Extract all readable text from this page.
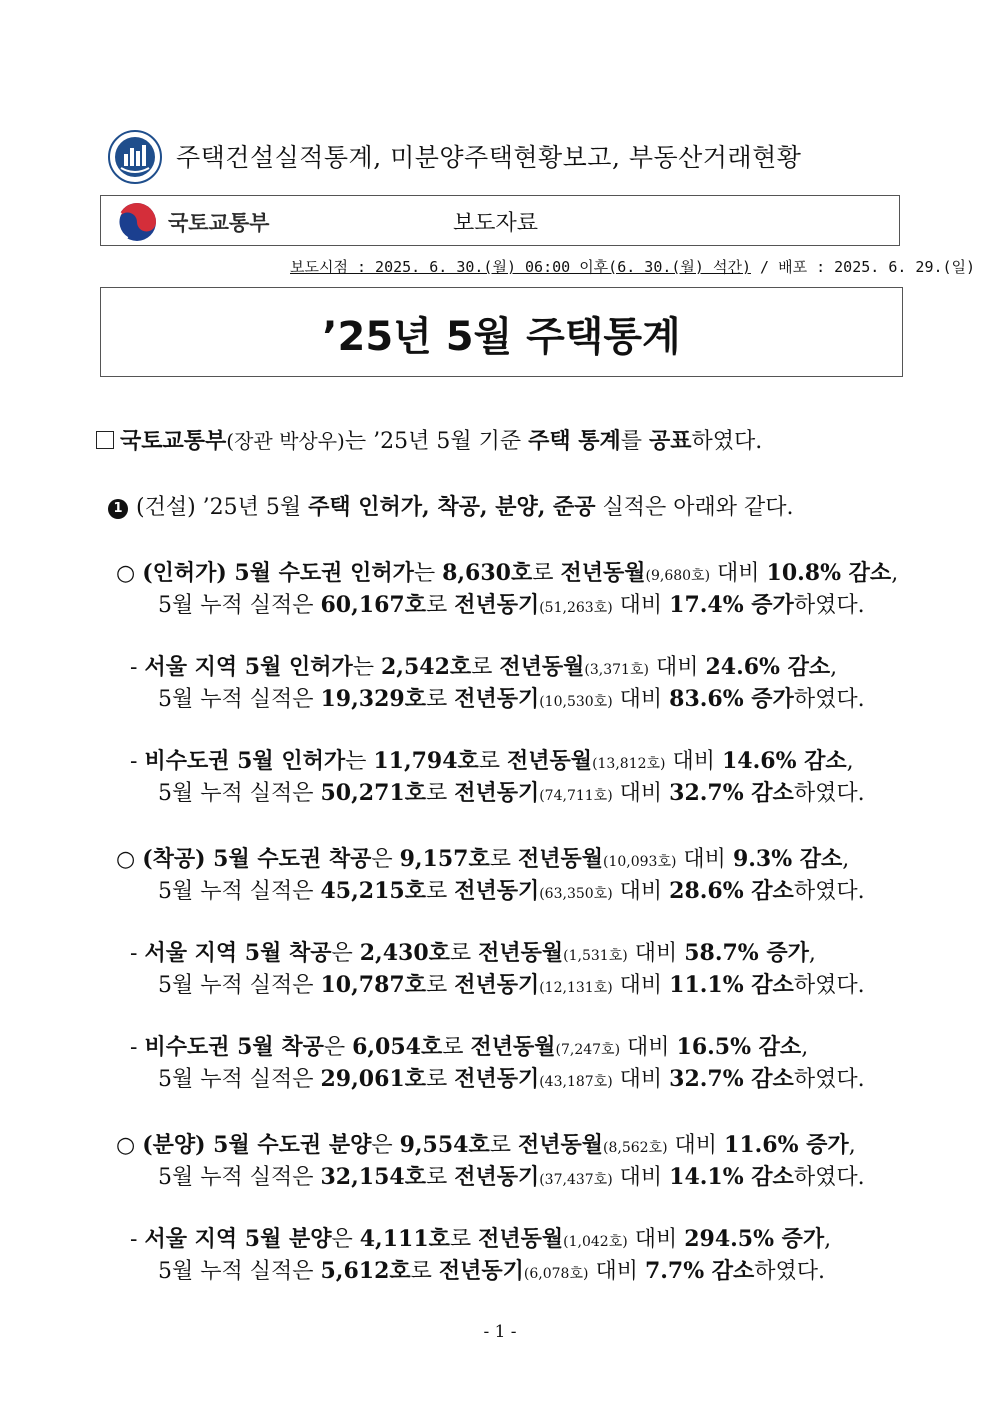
주택건설실적통계, 미분양주택현황보고, 부동산거래현황
국토교통부	보도자료
보도시점 : 2025. 6. 30.(월) 06:00 이후(6. 30.(월) 석간) / 배포 : 2025. 6. 29.(일)
’25년 5월 주택통계
국토교통부(장관 박상우)는 ’25년 5월 기준 주택 통계를 공표하였다.
1 (건설) ’25년 5월 주택 인허가, 착공, 분양, 준공 실적은 아래와 같다.
○ (인허가) 5월 수도권 인허가는 8,630호로 전년동월(9,680호) 대비 10.8% 감소,
5월 누적 실적은 60,167호로 전년동기(51,263호) 대비 17.4% 증가하였다.
- 서울 지역 5월 인허가는 2,542호로 전년동월(3,371호) 대비 24.6% 감소,
5월 누적 실적은 19,329호로 전년동기(10,530호) 대비 83.6% 증가하였다.
- 비수도권 5월 인허가는 11,794호로 전년동월(13,812호) 대비 14.6% 감소,
5월 누적 실적은 50,271호로 전년동기(74,711호) 대비 32.7% 감소하였다.
○ (착공) 5월 수도권 착공은 9,157호로 전년동월(10,093호) 대비 9.3% 감소,
5월 누적 실적은 45,215호로 전년동기(63,350호) 대비 28.6% 감소하였다.
- 서울 지역 5월 착공은 2,430호로 전년동월(1,531호) 대비 58.7% 증가,
5월 누적 실적은 10,787호로 전년동기(12,131호) 대비 11.1% 감소하였다.
- 비수도권 5월 착공은 6,054호로 전년동월(7,247호) 대비 16.5% 감소,
5월 누적 실적은 29,061호로 전년동기(43,187호) 대비 32.7% 감소하였다.
○ (분양) 5월 수도권 분양은 9,554호로 전년동월(8,562호) 대비 11.6% 증가,
5월 누적 실적은 32,154호로 전년동기(37,437호) 대비 14.1% 감소하였다.
- 서울 지역 5월 분양은 4,111호로 전년동월(1,042호) 대비 294.5% 증가,
5월 누적 실적은 5,612호로 전년동기(6,078호) 대비 7.7% 감소하였다.
- 1 -
